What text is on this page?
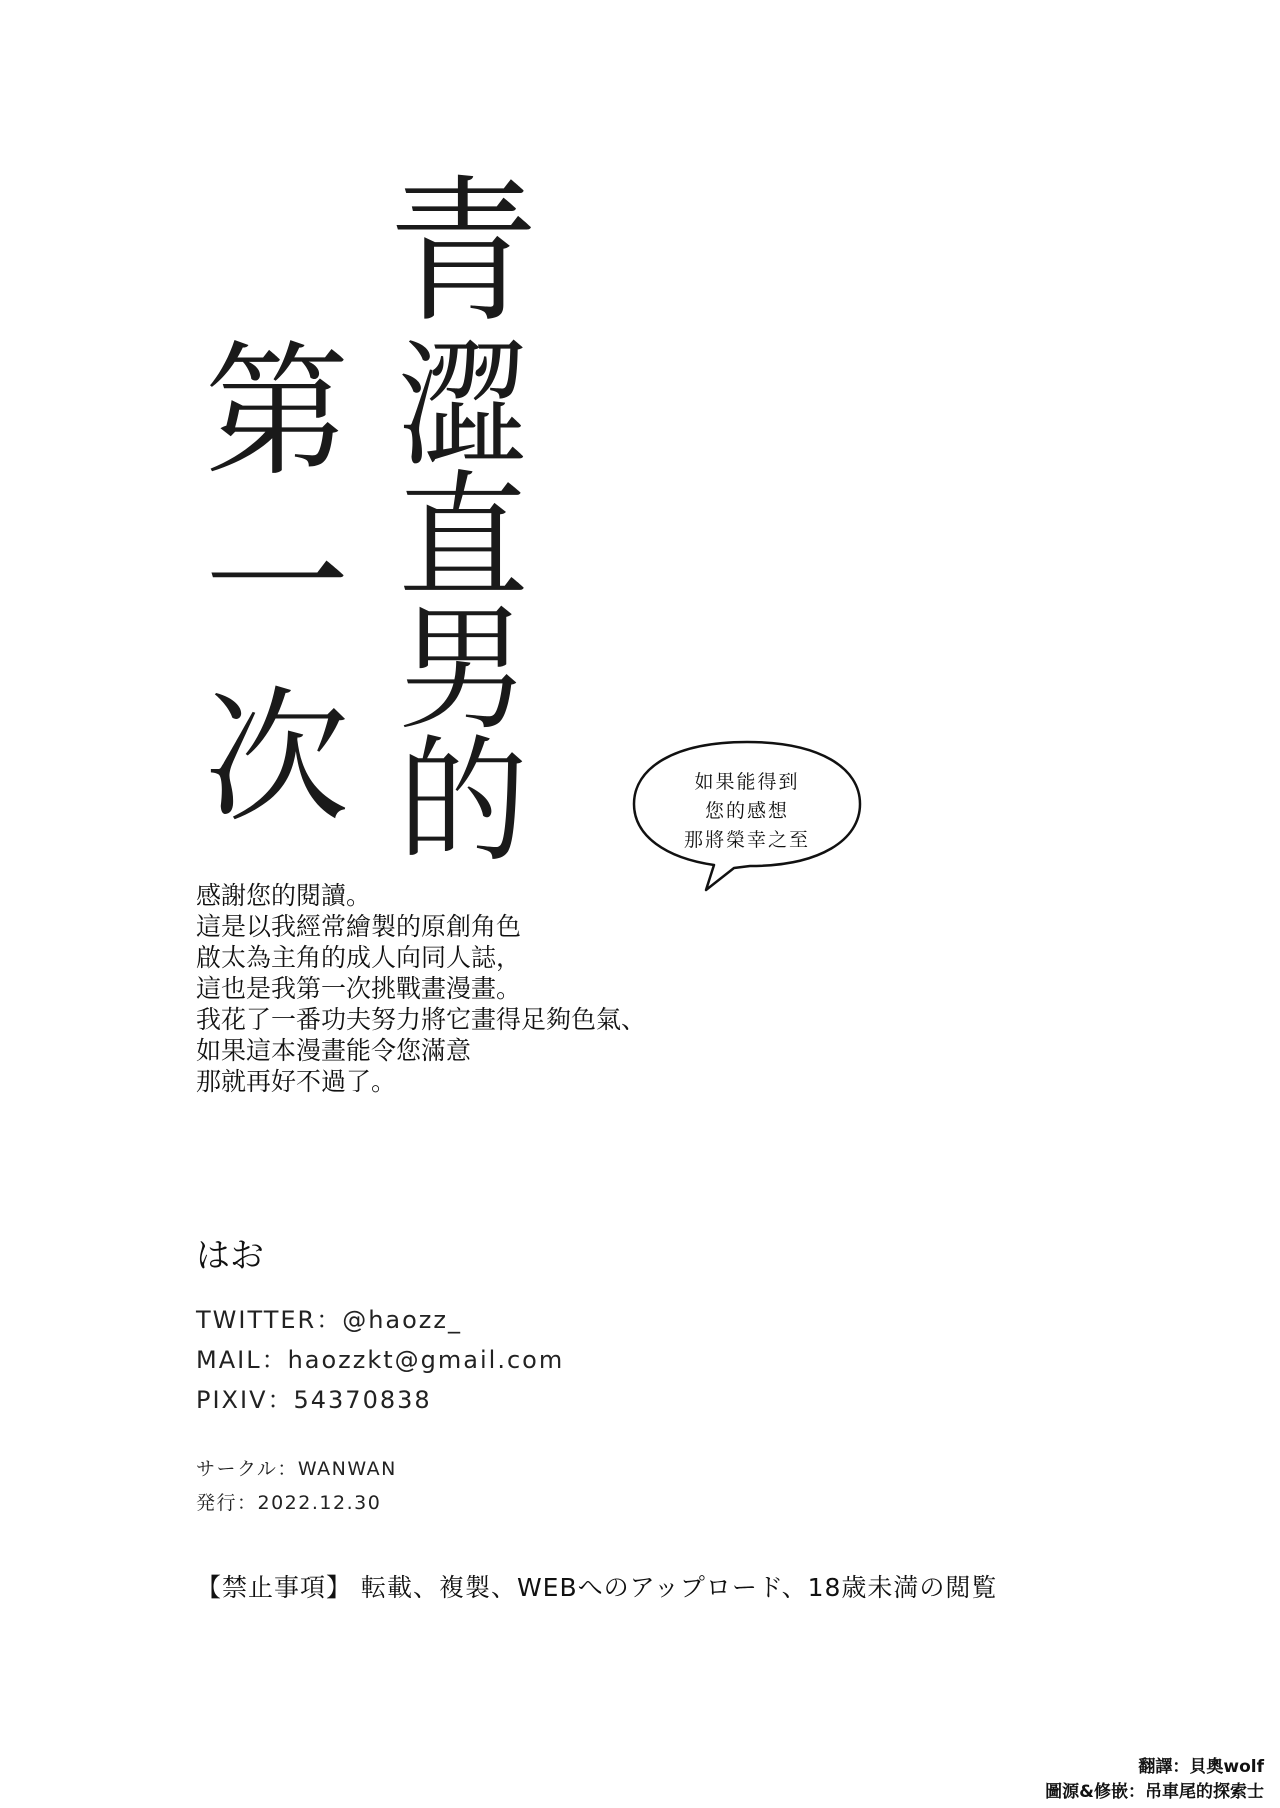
青
澀
直
男
的
第
一
次	如果能得到
您的感想
那將榮幸之至
感謝您的閱讀。
這是以我經常繪製的原創角色
啟太為主角的成人向同人誌，
這也是我第一次挑戰畫漫畫。
我花了一番功夫努力將它畫得足夠色氣、
如果這本漫畫能令您滿意
那就再好不過了。
はお
TWITTER：@haozz_
MAIL：haozzkt@gmail.com
PIXIV：54370838
サークル：WANWAN
発行：2022.12.30
【禁止事項】 転載、複製、WEBへのアップロード、18歳未満の閲覧
翻譯：貝奧wolf
圖源&修嵌：吊車尾的探索士
